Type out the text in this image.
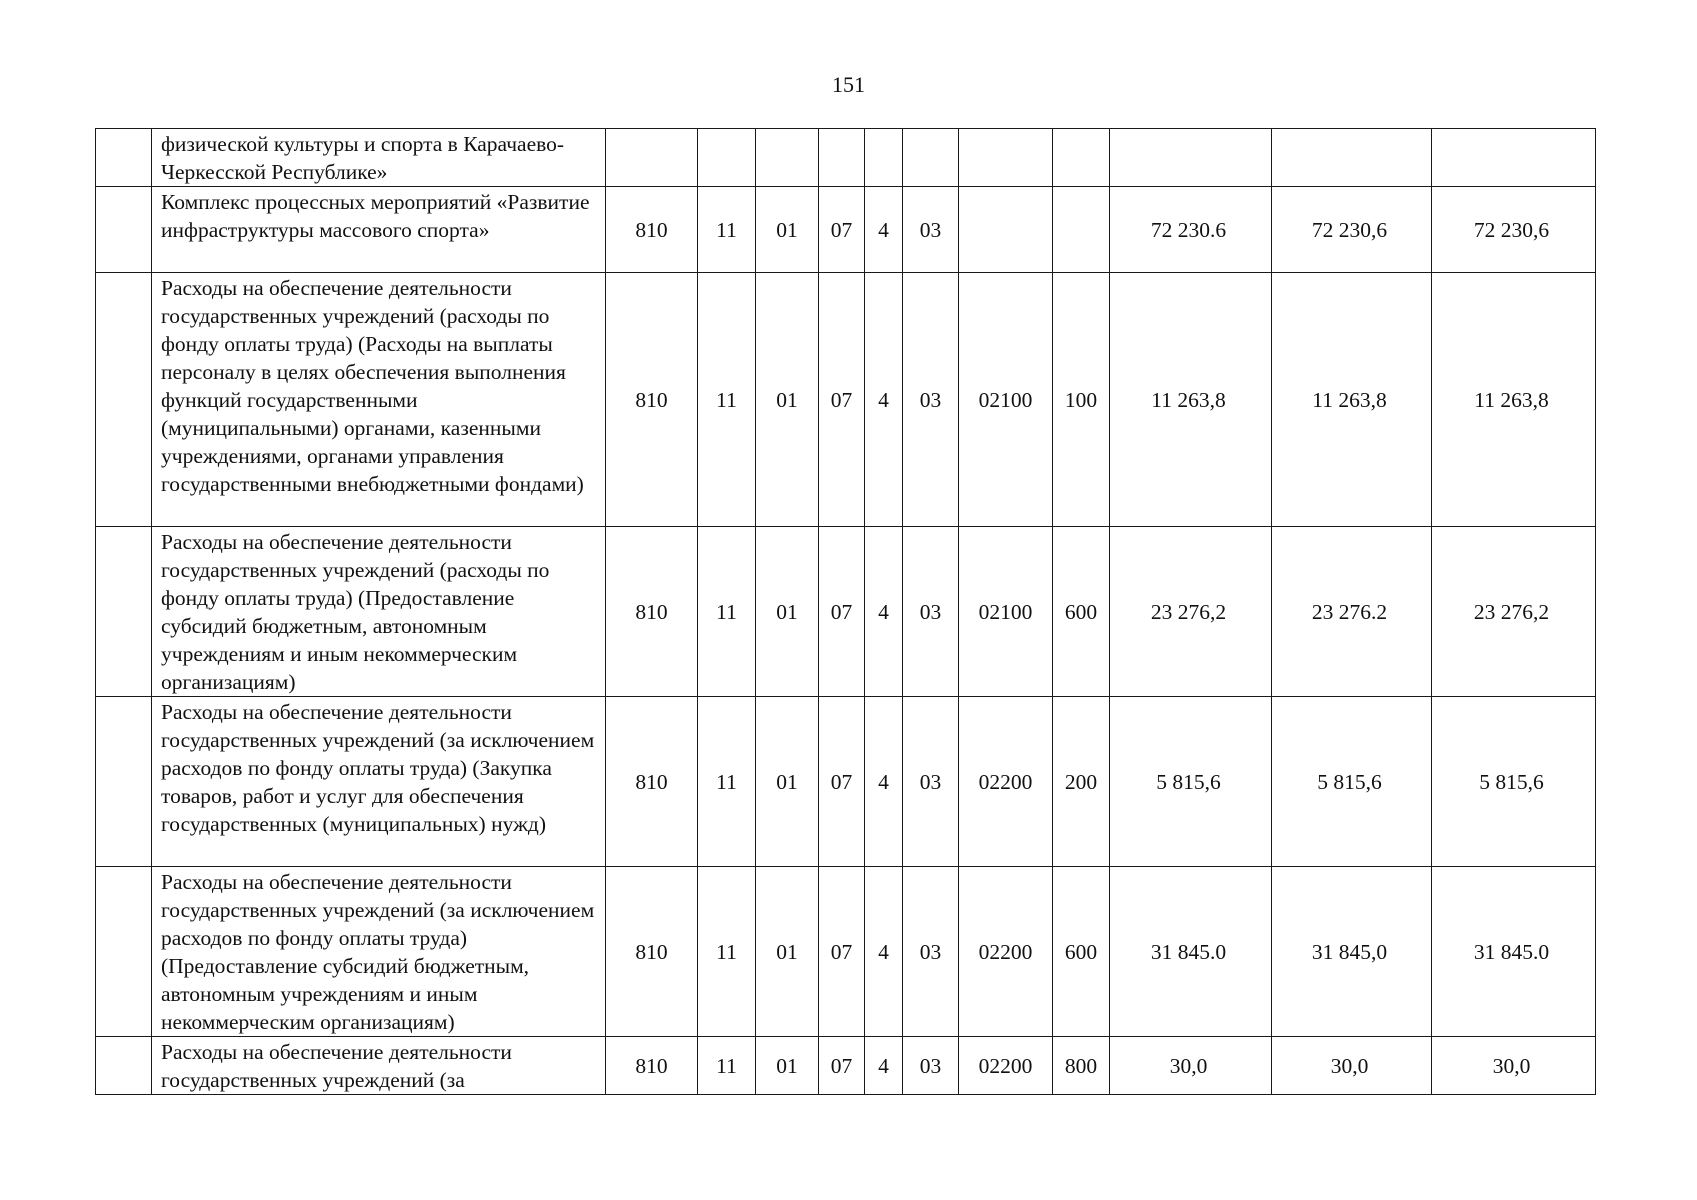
151
	физической культуры и спорта в Карачаево-Черкесской Республике»											
	Комплекс процессных мероприятий «Развитие инфраструктуры массового спорта»	810	11	01	07	4	03			72 230.6	72 230,6	72 230,6
	Расходы на обеспечение деятельности государственных учреждений (расходы по фонду оплаты труда) (Расходы на выплаты персоналу в целях обеспечения выполнения функций государственными (муниципальными) органами, казенными учреждениями, органами управления государственными внебюджетными фондами)	810	11	01	07	4	03	02100	100	11 263,8	11 263,8	11 263,8
	Расходы на обеспечение деятельности государственных учреждений (расходы по фонду оплаты труда) (Предоставление субсидий бюджетным, автономным учреждениям и иным некоммерческим организациям)	810	11	01	07	4	03	02100	600	23 276,2	23 276.2	23 276,2
	Расходы на обеспечение деятельности государственных учреждений (за исключением расходов по фонду оплаты труда) (Закупка товаров, работ и услуг для обеспечения государственных (муниципальных) нужд)	810	11	01	07	4	03	02200	200	5 815,6	5 815,6	5 815,6
	Расходы на обеспечение деятельности государственных учреждений (за исключением расходов по фонду оплаты труда) (Предоставление субсидий бюджетным, автономным учреждениям и иным некоммерческим организациям)	810	11	01	07	4	03	02200	600	31 845.0	31 845,0	31 845.0
	Расходы на обеспечение деятельности государственных учреждений (за	810	11	01	07	4	03	02200	800	30,0	30,0	30,0
